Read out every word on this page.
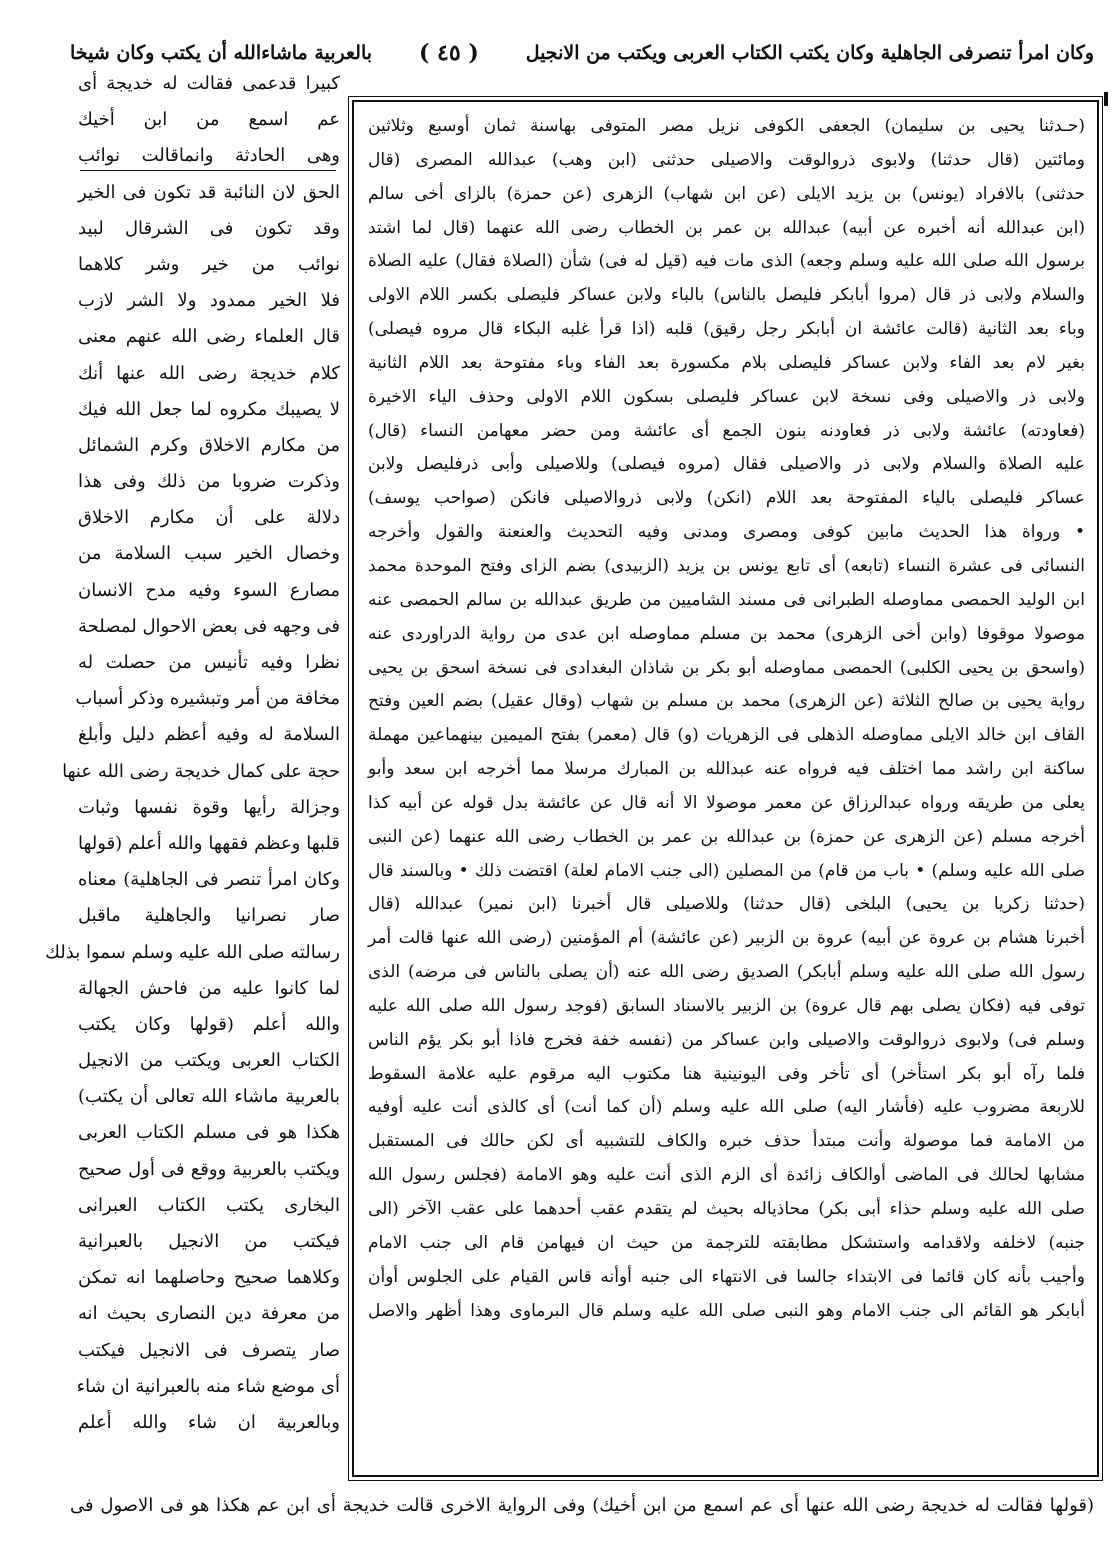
وكان امرأ تنصرفى الجاهلية وكان يكتب الكتاب العربى ويكتب من الانجيل
( ٤٥ )
بالعربية ماشاءالله أن يكتب وكان شيخا
(حـدثنا يحيى بن سليمان) الجعفى الكوفى نزيل مصر المتوفى بهاسنة ثمان أوسبع وثلاثين
ومائتين (قال حدثنا) ولابوى ذروالوقت والاصيلى حدثنى (ابن وهب) عبدالله المصرى (قال
حدثنى) بالافراد (يونس) بن يزيد الايلى (عن ابن شهاب) الزهرى (عن حمزة) بالزاى أخى سالم
(ابن عبدالله أنه أخبره عن أبيه) عبدالله بن عمر بن الخطاب رضى الله عنهما (قال لما اشتد
برسول الله صلى الله عليه وسلم وجعه) الذى مات فيه (قيل له فى) شأن (الصلاة فقال) عليه الصلاة
والسلام ولابى ذر قال (مروا أبابكر فليصل بالناس) بالباء ولابن عساكر فليصلى بكسر اللام الاولى
وباء بعد الثانية (قالت عائشة ان أبابكر رجل رقيق) قلبه (اذا قرأ غلبه البكاء قال مروه فيصلى)
بغير لام بعد الفاء ولابن عساكر فليصلى بلام مكسورة بعد الفاء وباء مفتوحة بعد اللام الثانية
ولابى ذر والاصيلى وفى نسخة لابن عساكر فليصلى بسكون اللام الاولى وحذف الياء الاخيرة
(فعاودته) عائشة ولابى ذر فعاودنه بنون الجمع أى عائشة ومن حضر معهامن النساء (قال)
عليه الصلاة والسلام ولابى ذر والاصيلى فقال (مروه فيصلى) وللاصيلى وأبى ذرفليصل ولابن
عساكر فليصلى بالياء المفتوحة بعد اللام (انكن) ولابى ذروالاصيلى فانكن (صواحب يوسف)
• ورواة هذا الحديث مابين كوفى ومصرى ومدنى وفيه التحديث والعنعنة والقول وأخرجه
النسائى فى عشرة النساء (تابعه) أى تابع يونس بن يزيد (الزبيدى) بضم الزاى وفتح الموحدة محمد
ابن الوليد الحمصى مماوصله الطبرانى فى مسند الشاميين من طريق عبدالله بن سالم الحمصى عنه
موصولا موقوفا (وابن أخى الزهرى) محمد بن مسلم مماوصله ابن عدى من رواية الدراوردى عنه
(واسحق بن يحيى الكلبى) الحمصى مماوصله أبو بكر بن شاذان البغدادى فى نسخة اسحق بن يحيى
رواية يحيى بن صالح الثلاثة (عن الزهرى) محمد بن مسلم بن شهاب (وقال عقيل) بضم العين وفتح
القاف ابن خالد الايلى مماوصله الذهلى فى الزهريات (و) قال (معمر) بفتح الميمين بينهماعين مهملة
ساكنة ابن راشد مما اختلف فيه فرواه عنه عبدالله بن المبارك مرسلا مما أخرجه ابن سعد وأبو
يعلى من طريقه ورواه عبدالرزاق عن معمر موصولا الا أنه قال عن عائشة بدل قوله عن أبيه كذا
أخرجه مسلم (عن الزهرى عن حمزة) بن عبدالله بن عمر بن الخطاب رضى الله عنهما (عن النبى
صلى الله عليه وسلم) • باب من قام) من المصلين (الى جنب الامام لعلة) اقتضت ذلك • وبالسند قال
(حدثنا زكريا بن يحيى) البلخى (قال حدثنا) وللاصيلى قال أخبرنا (ابن نمير) عبدالله (قال
أخبرنا هشام بن عروة عن أبيه) عروة بن الزبير (عن عائشة) أم المؤمنين (رضى الله عنها قالت أمر
رسول الله صلى الله عليه وسلم أبابكر) الصديق رضى الله عنه (أن يصلى بالناس فى مرضه) الذى
توفى فيه (فكان يصلى بهم قال عروة) بن الزبير بالاسناد السابق (فوجد رسول الله صلى الله عليه
وسلم فى) ولابوى ذروالوقت والاصيلى وابن عساكر من (نفسه خفة فخرج فاذا أبو بكر يؤم الناس
فلما رآه أبو بكر استأخر) أى تأخر وفى اليونينية هنا مكتوب اليه مرقوم عليه علامة السقوط
للاربعة مضروب عليه (فأشار اليه) صلى الله عليه وسلم (أن كما أنت) أى كالذى أنت عليه أوفيه
من الامامة فما موصولة وأنت مبتدأ حذف خبره والكاف للتشبيه أى لكن حالك فى المستقبل
مشابها لحالك فى الماضى أوالكاف زائدة أى الزم الذى أنت عليه وهو الامامة (فجلس رسول الله
صلى الله عليه وسلم حذاء أبى بكر) محاذياله بحيث لم يتقدم عقب أحدهما على عقب الآخر (الى
جنبه) لاخلفه ولاقدامه واستشكل مطابقته للترجمة من حيث ان فيهامن قام الى جنب الامام
وأجيب بأنه كان قائما فى الابتداء جالسا فى الانتهاء الى جنبه أوأنه قاس القيام على الجلوس أوأن
أبابكر هو القائم الى جنب الامام وهو النبى صلى الله عليه وسلم قال البرماوى وهذا أظهر والاصل
كبيرا قدعمى فقالت له خديجة أى
عم اسمع من ابن أخيك
وهى الحادثة وانماقالت نوائب
الحق لان النائبة قد تكون فى الخير
وقد تكون فى الشرقال لبيد
نوائب من خير وشر كلاهما
فلا الخير ممدود ولا الشر لازب
قال العلماء رضى الله عنهم معنى
كلام خديجة رضى الله عنها أنك
لا يصيبك مكروه لما جعل الله فيك
من مكارم الاخلاق وكرم الشمائل
وذكرت ضروبا من ذلك وفى هذا
دلالة على أن مكارم الاخلاق
وخصال الخير سبب السلامة من
مصارع السوء وفيه مدح الانسان
فى وجهه فى بعض الاحوال لمصلحة
نظرا وفيه تأنيس من حصلت له
مخافة من أمر وتبشيره وذكر أسباب
السلامة له وفيه أعظم دليل وأبلغ
حجة على كمال خديجة رضى الله عنها
وجزالة رأيها وقوة نفسها وثبات
قلبها وعظم فقهها والله أعلم (قولها
وكان امرأ تنصر فى الجاهلية) معناه
صار نصرانيا والجاهلية ماقبل
رسالته صلى الله عليه وسلم سموا بذلك
لما كانوا عليه من فاحش الجهالة
والله أعلم (قولها وكان يكتب
الكتاب العربى ويكتب من الانجيل
بالعربية ماشاء الله تعالى أن يكتب)
هكذا هو فى مسلم الكتاب العربى
ويكتب بالعربية ووقع فى أول صحيح
البخارى يكتب الكتاب العبرانى
فيكتب من الانجيل بالعبرانية
وكلاهما صحيح وحاصلهما انه تمكن
من معرفة دين النصارى بحيث انه
صار يتصرف فى الانجيل فيكتب
أى موضع شاء منه بالعبرانية ان شاء
وبالعربية ان شاء والله أعلم
(قولها فقالت له خديجة رضى الله عنها أى عم اسمع من ابن أخيك) وفى الرواية الاخرى قالت خديجة أى ابن عم هكذا هو فى الاصول فى
